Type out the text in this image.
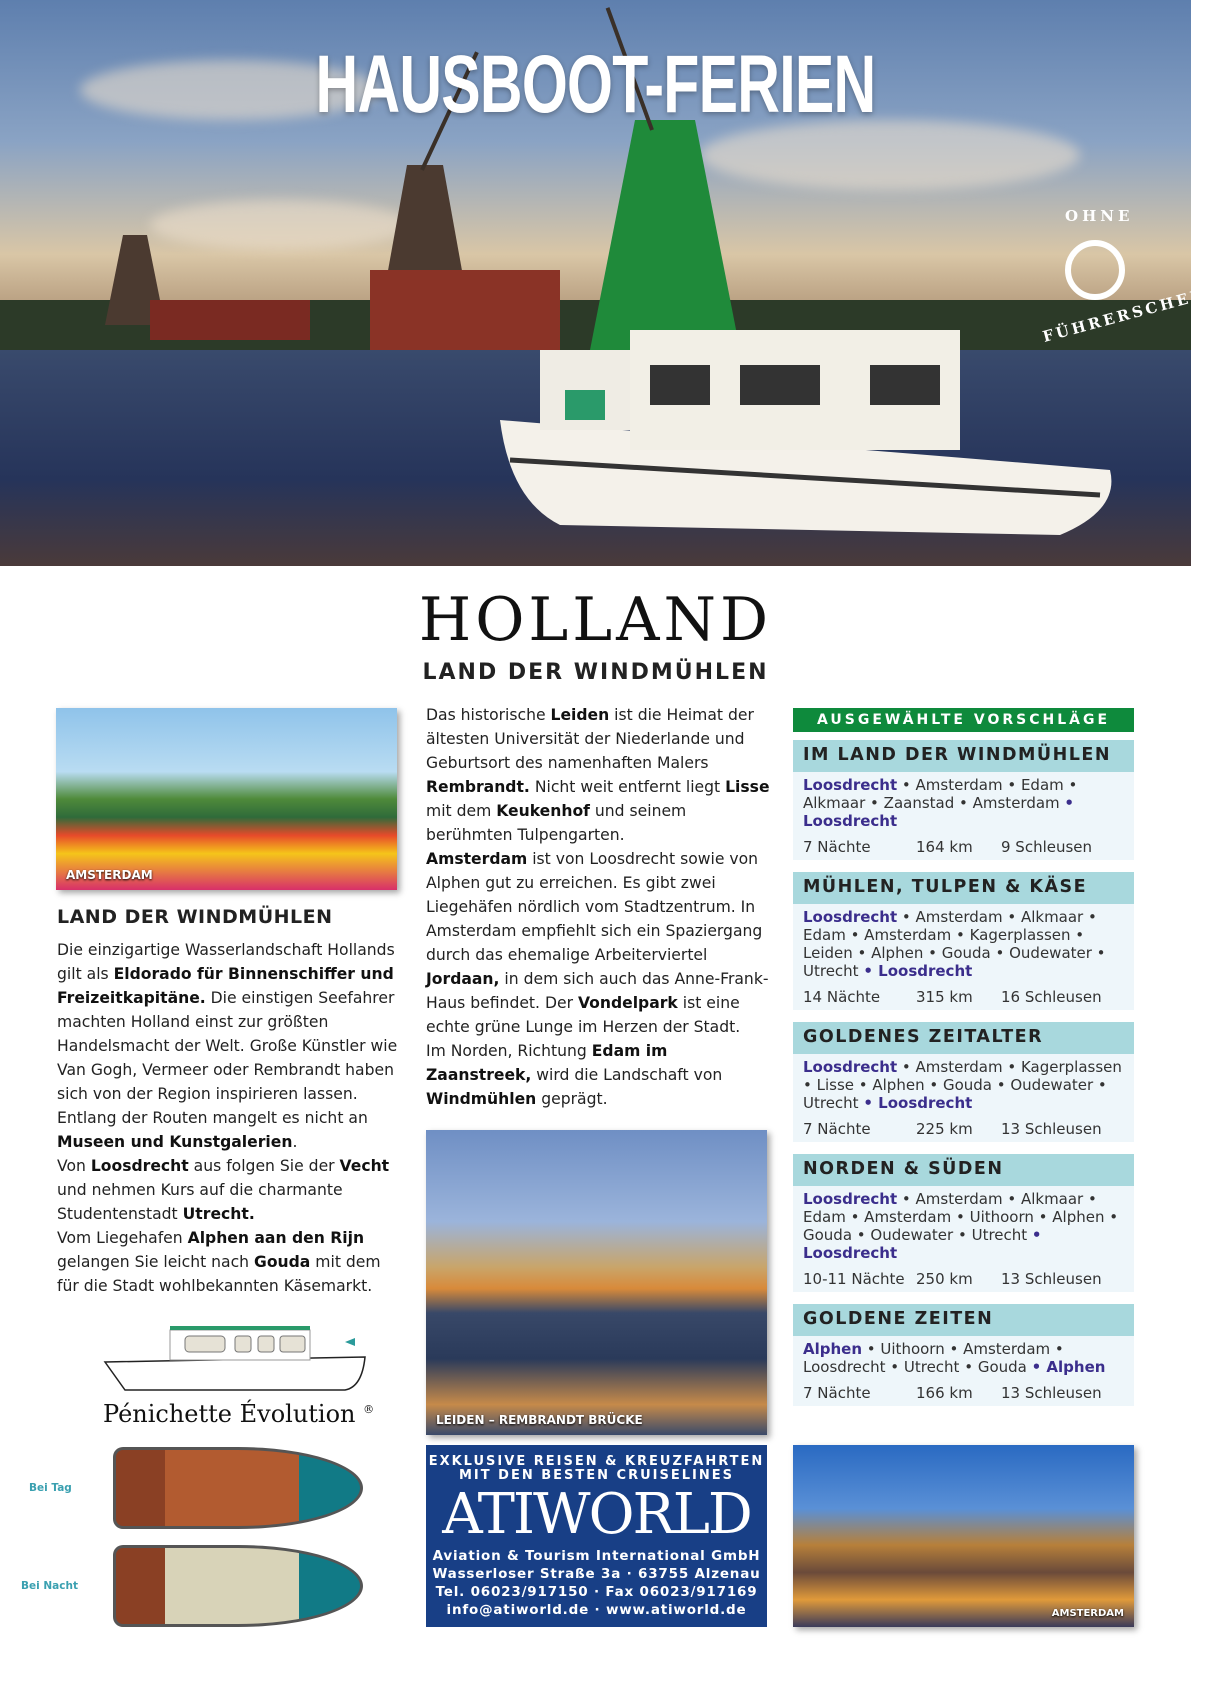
OHNE
FÜHRERSCHEIN
HAUSBOOT-FERIEN
HOLLAND
LAND DER WINDMÜHLEN
AMSTERDAM
LAND DER WINDMÜHLEN
Die einzigartige Wasserlandschaft Hollands gilt als Eldorado für Binnenschiffer und Freizeitkapitäne. Die einstigen Seefahrer machten Holland einst zur größten Handelsmacht der Welt. Große Künstler wie Van Gogh, Vermeer oder Rembrandt haben sich von der Region inspirieren lassen. Entlang der Routen mangelt es nicht an Museen und Kunstgalerien.
Von Loosdrecht aus folgen Sie der Vecht und nehmen Kurs auf die charmante Studentenstadt Utrecht.
Vom Liegehafen Alphen aan den Rijn gelangen Sie leicht nach Gouda mit dem für die Stadt wohlbekannten Käsemarkt.
Das historische Leiden ist die Heimat der ältesten Universität der Niederlande und Geburtsort des namenhaften Malers Rembrandt. Nicht weit entfernt liegt Lisse mit dem Keukenhof und seinem berühmten Tulpengarten.
Amsterdam ist von Loosdrecht sowie von Alphen gut zu erreichen. Es gibt zwei Liegehäfen nördlich vom Stadtzentrum. In Amsterdam empfiehlt sich ein Spaziergang durch das ehemalige Arbeiterviertel Jordaan, in dem sich auch das Anne-Frank-Haus befindet. Der Vondelpark ist eine echte grüne Lunge im Herzen der Stadt.
Im Norden, Richtung Edam im Zaanstreek, wird die Landschaft von Windmühlen geprägt.
Pénichette Évolution ®
Bei Tag
Bei Nacht
LEIDEN – REMBRANDT BRÜCKE
EXKLUSIVE REISEN & KREUZFAHRTEN
MIT DEN BESTEN CRUISELINES
ATIWORLD
Aviation & Tourism International GmbH
Wasserloser Straße 3a · 63755 Alzenau
Tel. 06023/917150 · Fax 06023/917169
info@atiworld.de · www.atiworld.de
AUSGEWÄHLTE VORSCHLÄGE
IM LAND DER WINDMÜHLEN
Loosdrecht • Amsterdam • Edam • Alkmaar • Zaanstad • Amsterdam • Loosdrecht
7 Nächte	164 km	9 Schleusen
MÜHLEN, TULPEN & KÄSE
Loosdrecht • Amsterdam • Alkmaar • Edam • Amsterdam • Kagerplassen • Leiden • Alphen • Gouda • Oudewater • Utrecht • Loosdrecht
14 Nächte	315 km	16 Schleusen
GOLDENES ZEITALTER
Loosdrecht • Amsterdam • Kagerplassen • Lisse • Alphen • Gouda • Oudewater • Utrecht • Loosdrecht
7 Nächte	225 km	13 Schleusen
NORDEN & SÜDEN
Loosdrecht • Amsterdam • Alkmaar • Edam • Amsterdam • Uithoorn • Alphen • Gouda • Oudewater • Utrecht • Loosdrecht
10-11 Nächte 250 km	13 Schleusen
GOLDENE ZEITEN
Alphen • Uithoorn • Amsterdam • Loosdrecht • Utrecht • Gouda • Alphen
7 Nächte	166 km	13 Schleusen
AMSTERDAM
